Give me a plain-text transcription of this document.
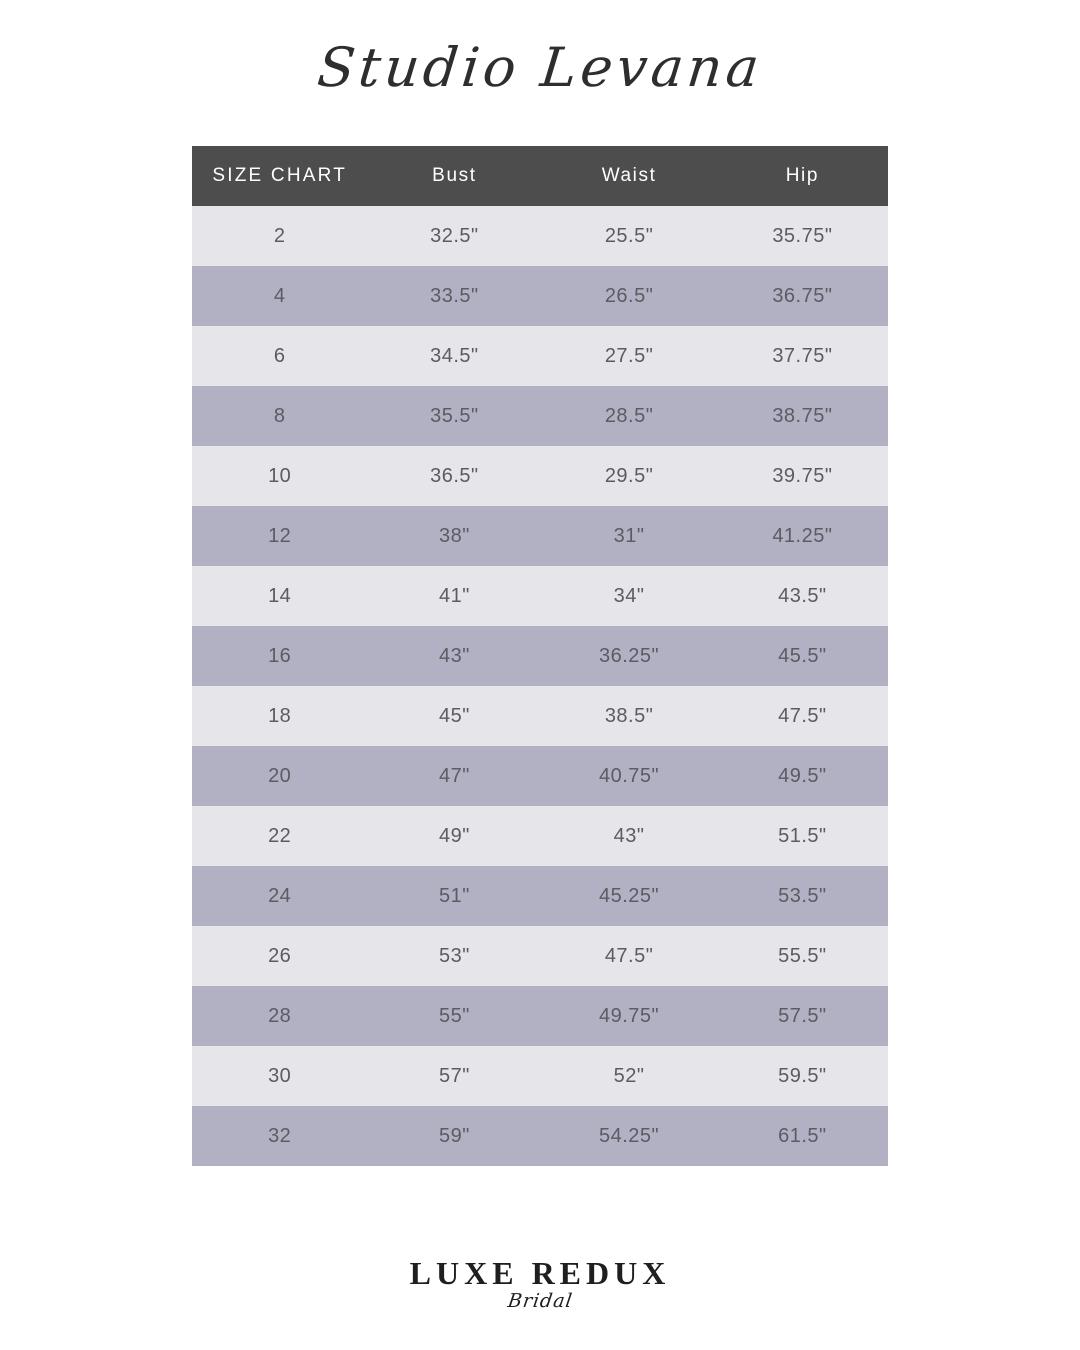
Studio Levana
SIZE CHART	Bust	Waist	Hip
2	32.5"	25.5"	35.75"
4	33.5"	26.5"	36.75"
6	34.5"	27.5"	37.75"
8	35.5"	28.5"	38.75"
10	36.5"	29.5"	39.75"
12	38"	31"	41.25"
14	41"	34"	43.5"
16	43"	36.25"	45.5"
18	45"	38.5"	47.5"
20	47"	40.75"	49.5"
22	49"	43"	51.5"
24	51"	45.25"	53.5"
26	53"	47.5"	55.5"
28	55"	49.75"	57.5"
30	57"	52"	59.5"
32	59"	54.25"	61.5"
LUXE REDUX
Bridal
